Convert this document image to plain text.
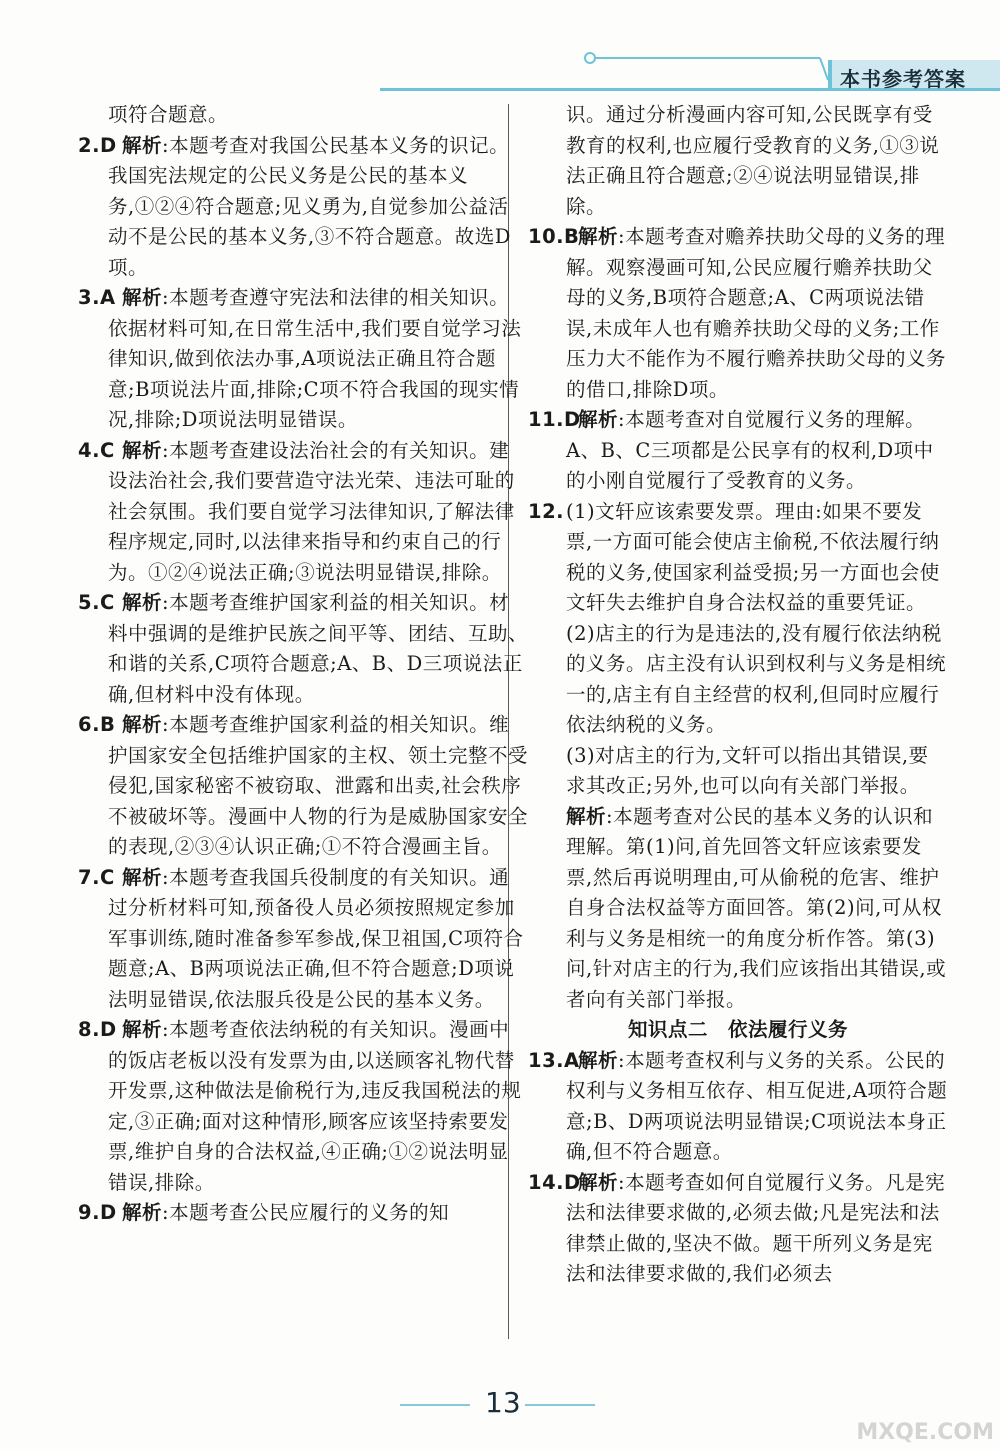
本书参考答案

项符合题意。

2.D 解析:本题考查对我国公民基本义务的识记。我国宪法规定的公民义务是公民的基本义务,①②④符合题意;见义勇为,自觉参加公益活动不是公民的基本义务,③不符合题意。故选D项。
3.A 解析:本题考查遵守宪法和法律的相关知识。依据材料可知,在日常生活中,我们要自觉学习法律知识,做到依法办事,A项说法正确且符合题意;B项说法片面,排除;C项不符合我国的现实情况,排除;D项说法明显错误。
4.C 解析:本题考查建设法治社会的有关知识。建设法治社会,我们要营造守法光荣、违法可耻的社会氛围。我们要自觉学习法律知识,了解法律程序规定,同时,以法律来指导和约束自己的行为。①②④说法正确;③说法明显错误,排除。
5.C 解析:本题考查维护国家利益的相关知识。材料中强调的是维护民族之间平等、团结、互助、和谐的关系,C项符合题意;A、B、D三项说法正确,但材料中没有体现。
6.B 解析:本题考查维护国家利益的相关知识。维护国家安全包括维护国家的主权、领土完整不受侵犯,国家秘密不被窃取、泄露和出卖,社会秩序不被破坏等。漫画中人物的行为是威胁国家安全的表现,②③④认识正确;①不符合漫画主旨。
7.C 解析:本题考查我国兵役制度的有关知识。通过分析材料可知,预备役人员必须按照规定参加军事训练,随时准备参军参战,保卫祖国,C项符合题意;A、B两项说法正确,但不符合题意;D项说法明显错误,依法服兵役是公民的基本义务。
8.D 解析:本题考查依法纳税的有关知识。漫画中的饭店老板以没有发票为由,以送顾客礼物代替开发票,这种做法是偷税行为,违反我国税法的规定,③正确;面对这种情形,顾客应该坚持索要发票,维护自身的合法权益,④正确;①②说法明显错误,排除。
9.D 解析:本题考查公民应履行的义务的知

识。通过分析漫画内容可知,公民既享有受教育的权利,也应履行受教育的义务,①③说法正确且符合题意;②④说法明显错误,排除。

10.B
解析:本题考查对赡养扶助父母的义务的理解。观察漫画可知,公民应履行赡养扶助父母的义务,B项符合题意;A、C两项说法错误,未成年人也有赡养扶助父母的义务;工作压力大不能作为不履行赡养扶助父母的义务的借口,排除D项。
11.D
解析:本题考查对自觉履行义务的理解。A、B、C三项都是公民享有的权利,D项中的小刚自觉履行了受教育的义务。
12. (1)文轩应该索要发票。理由:如果不要发票,一方面可能会使店主偷税,不依法履行纳税的义务,使国家利益受损;另一方面也会使文轩失去维护自身合法权益的重要凭证。

(2)店主的行为是违法的,没有履行依法纳税的义务。店主没有认识到权利与义务是相统一的,店主有自主经营的权利,但同时应履行依法纳税的义务。

(3)对店主的行为,文轩可以指出其错误,要求其改正;另外,也可以向有关部门举报。

解析:本题考查对公民的基本义务的认识和理解。第(1)问,首先回答文轩应该索要发票,然后再说明理由,可从偷税的危害、维护自身合法权益等方面回答。第(2)问,可从权利与义务是相统一的角度分析作答。第(3)问,针对店主的行为,我们应该指出其错误,或者向有关部门举报。

知识点二　依法履行义务

13.A
解析:本题考查权利与义务的关系。公民的权利与义务相互依存、相互促进,A项符合题意;B、D两项说法明显错误;C项说法本身正确,但不符合题意。
14.D
解析:本题考查如何自觉履行义务。凡是宪法和法律要求做的,必须去做;凡是宪法和法律禁止做的,坚决不做。题干所列义务是宪法和法律要求做的,我们必须去
13
MXQE.COM
